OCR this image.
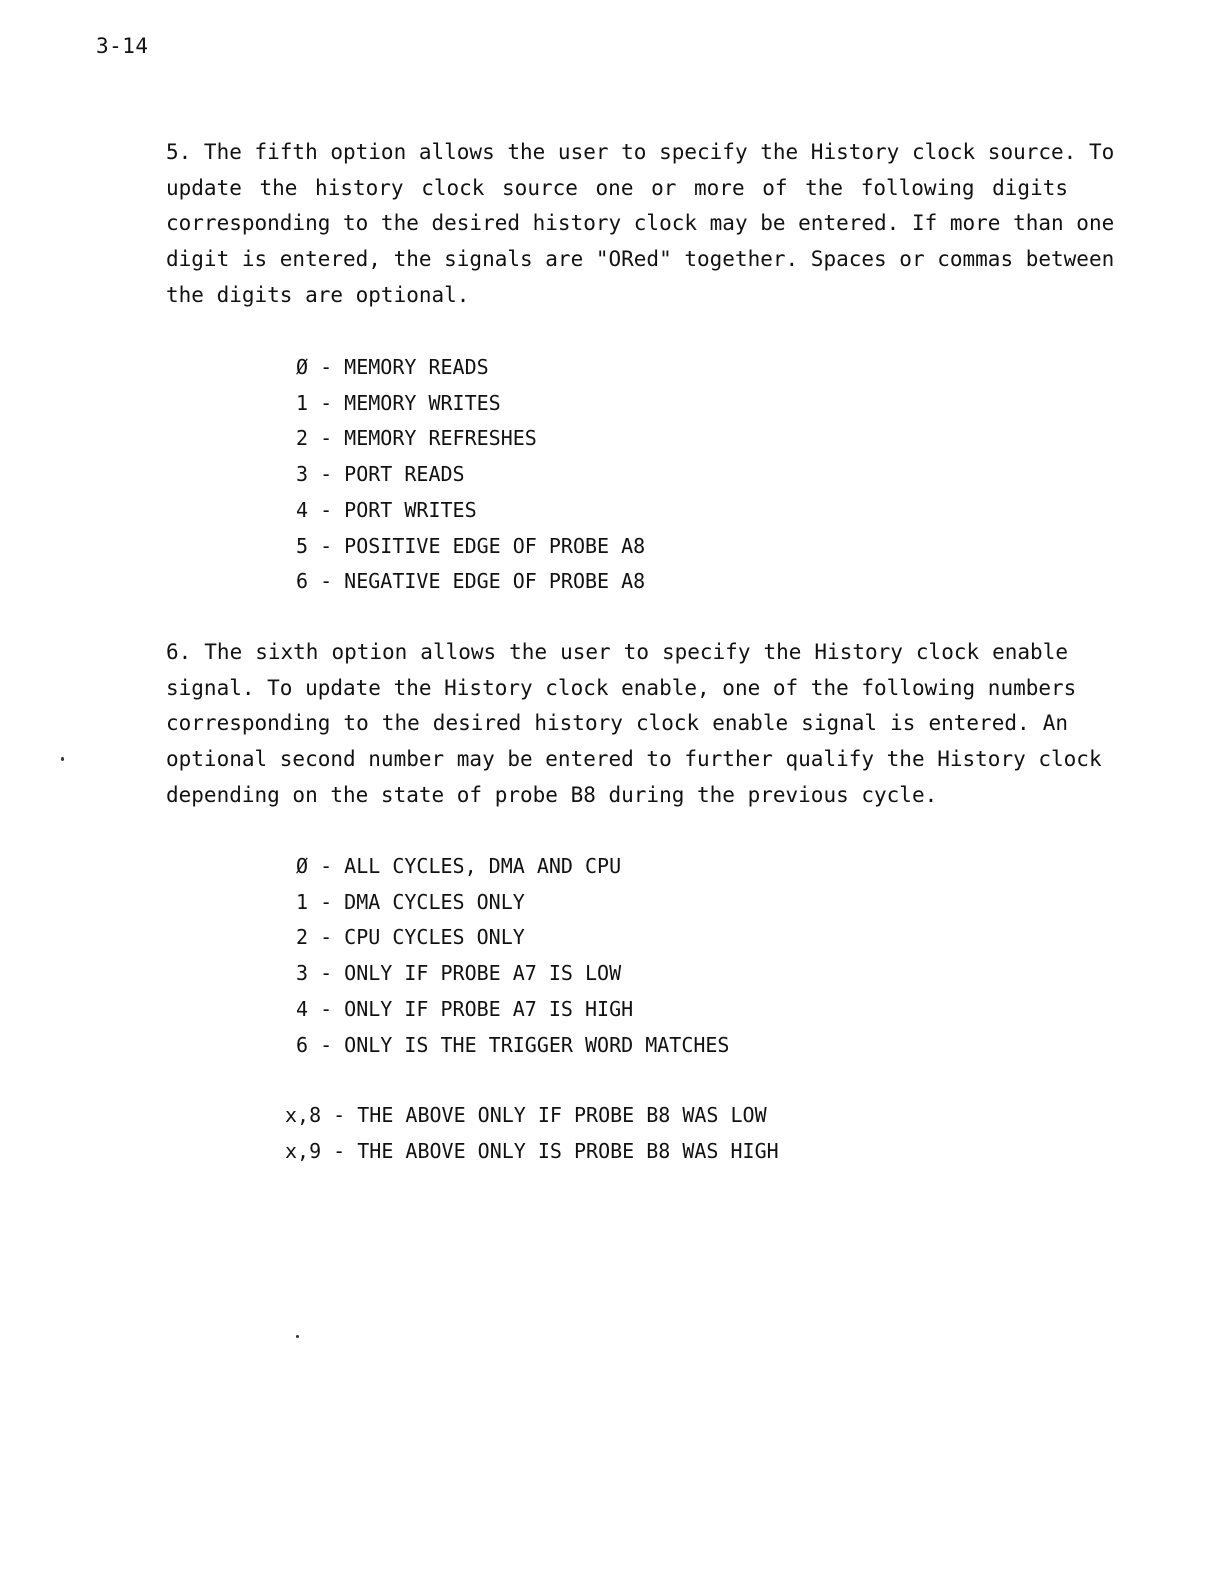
3-14
5. The fifth option allows the user to specify the History clock source. To
update the history clock source one or more of the following digits
corresponding to the desired history clock may be entered. If more than one
digit is entered, the signals are "ORed" together. Spaces or commas between
the digits are optional.
Ø - MEMORY READS
1 - MEMORY WRITES
2 - MEMORY REFRESHES
3 - PORT READS
4 - PORT WRITES
5 - POSITIVE EDGE OF PROBE A8
6 - NEGATIVE EDGE OF PROBE A8
6. The sixth option allows the user to specify the History clock enable
signal. To update the History clock enable, one of the following numbers
corresponding to the desired history clock enable signal is entered. An
optional second number may be entered to further qualify the History clock
depending on the state of probe B8 during the previous cycle.
Ø - ALL CYCLES, DMA AND CPU
1 - DMA CYCLES ONLY
2 - CPU CYCLES ONLY
3 - ONLY IF PROBE A7 IS LOW
4 - ONLY IF PROBE A7 IS HIGH
6 - ONLY IS THE TRIGGER WORD MATCHES
x,8 - THE ABOVE ONLY IF PROBE B8 WAS LOW
x,9 - THE ABOVE ONLY IS PROBE B8 WAS HIGH
